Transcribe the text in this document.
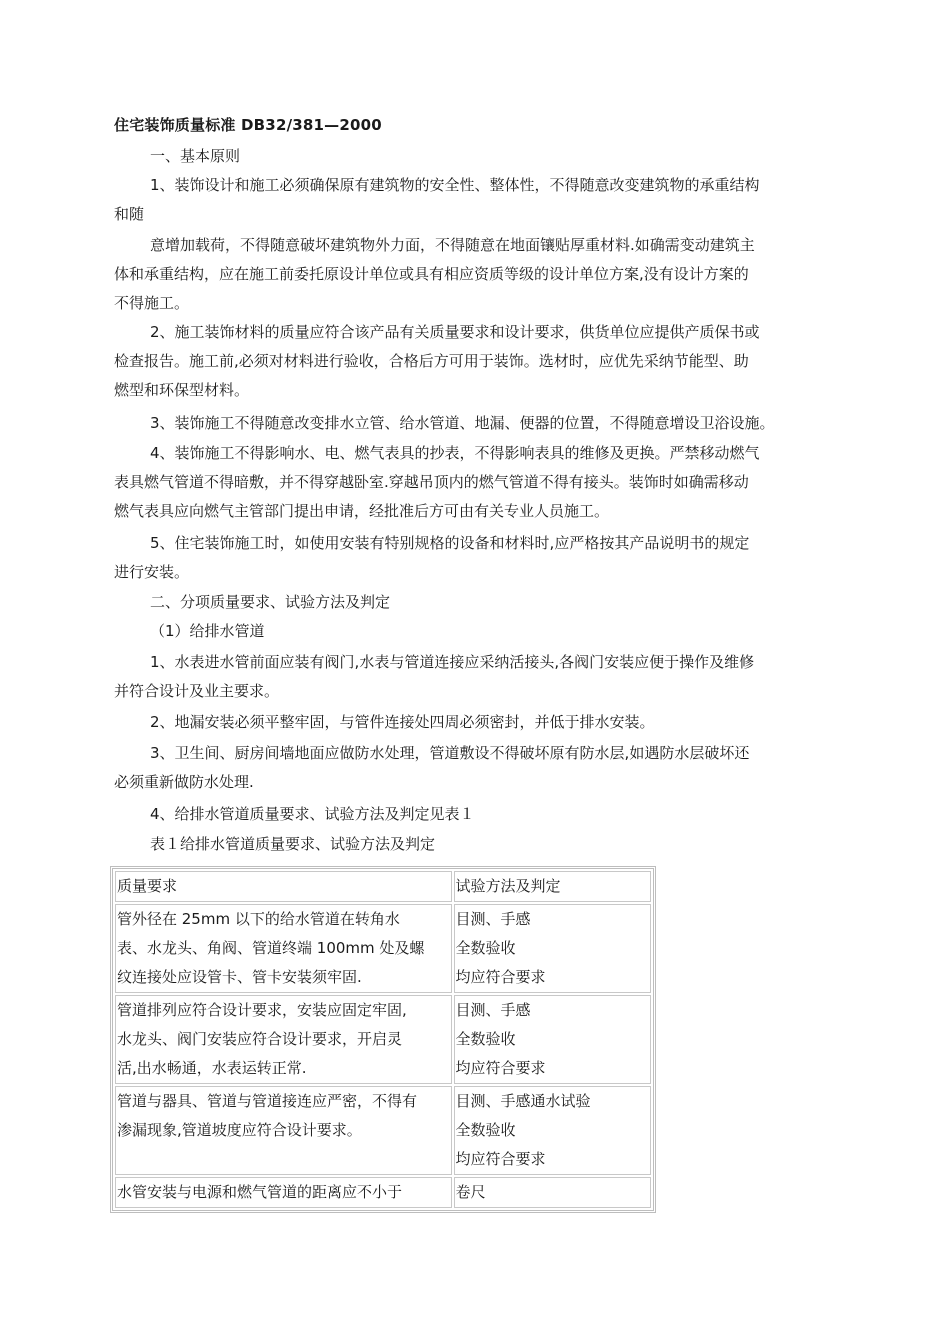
住宅装饰质量标准 DB32/381—2000
一、基本原则
1、装饰设计和施工必须确保原有建筑物的安全性、整体性，不得随意改变建筑物的承重结构
和随
意增加载荷，不得随意破坏建筑物外力面，不得随意在地面镶贴厚重材料.如确需变动建筑主
体和承重结构，应在施工前委托原设计单位或具有相应资质等级的设计单位方案,没有设计方案的
不得施工。
2、施工装饰材料的质量应符合该产品有关质量要求和设计要求，供货单位应提供产质保书或
检查报告。施工前,必须对材料进行验收，合格后方可用于装饰。选材时，应优先采纳节能型、助
燃型和环保型材料。
3、装饰施工不得随意改变排水立管、给水管道、地漏、便器的位置，不得随意增设卫浴设施。
4、装饰施工不得影响水、电、燃气表具的抄表，不得影响表具的维修及更换。严禁移动燃气
表具燃气管道不得暗敷，并不得穿越卧室.穿越吊顶内的燃气管道不得有接头。装饰时如确需移动
燃气表具应向燃气主管部门提出申请，经批准后方可由有关专业人员施工。
5、住宅装饰施工时，如使用安装有特别规格的设备和材料时,应严格按其产品说明书的规定
进行安装。
二、分项质量要求、试验方法及判定
（1）给排水管道
1、水表进水管前面应装有阀门,水表与管道连接应采纳活接头,各阀门安装应便于操作及维修
并符合设计及业主要求。
2、地漏安装必须平整牢固，与管件连接处四周必须密封，并低于排水安装。
3、卫生间、厨房间墙地面应做防水处理，管道敷设不得破坏原有防水层,如遇防水层破坏还
必须重新做防水处理.
4、给排水管道质量要求、试验方法及判定见表１
表１给排水管道质量要求、试验方法及判定
质量要求	试验方法及判定

管外径在 25mm 以下的给水管道在转角水
表、水龙头、角阀、管道终端 100mm 处及螺
纹连接处应设管卡、管卡安装须牢固.	目测、手感
全数验收
均应符合要求

管道排列应符合设计要求，安装应固定牢固,
水龙头、阀门安装应符合设计要求，开启灵
活,出水畅通，水表运转正常.	目测、手感
全数验收
均应符合要求

管道与器具、管道与管道接连应严密，不得有
渗漏现象,管道坡度应符合设计要求。	目测、手感通水试验
全数验收
均应符合要求

水管安装与电源和燃气管道的距离应不小于	卷尺
